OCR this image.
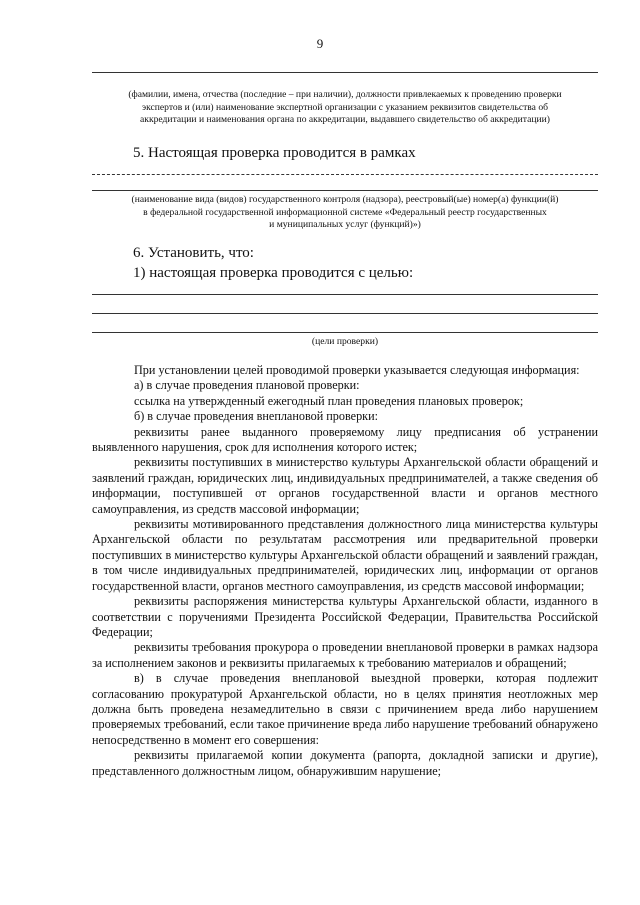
9
(фамилии, имена, отчества (последние – при наличии), должности привлекаемых к проведению проверки
экспертов и (или) наименование экспертной организации с указанием реквизитов свидетельства об
аккредитации и наименования органа по аккредитации, выдавшего свидетельство об аккредитации)
5. Настоящая проверка проводится в рамках
(наименование вида (видов) государственного контроля (надзора), реестровый(ые) номер(а) функции(й)
в федеральной государственной информационной системе «Федеральный реестр государственных
и муниципальных услуг (функций)»)
6. Установить, что:
1) настоящая проверка проводится с целью:
(цели проверки)

При установлении целей проводимой проверки указывается следующая информация:

а) в случае проведения плановой проверки:

ссылка на утвержденный ежегодный план проведения плановых проверок;

б) в случае проведения внеплановой проверки:

реквизиты ранее выданного проверяемому лицу предписания об устранении выявленного нарушения, срок для исполнения которого истек;

реквизиты поступивших в министерство культуры Архангельской области обращений и заявлений граждан, юридических лиц, индивидуальных предпринимателей, а также сведения об информации, поступившей от органов государственной власти и органов местного самоуправления, из средств массовой информации;

реквизиты мотивированного представления должностного лица министерства культуры Архангельской области по результатам рассмотрения или предварительной проверки поступивших в министерство культуры Архангельской области обращений и заявлений граждан, в том числе индивидуальных предпринимателей, юридических лиц, информации от органов государственной власти, органов местного самоуправления, из средств массовой информации;

реквизиты распоряжения министерства культуры Архангельской области, изданного в соответствии с поручениями Президента Российской Федерации, Правительства Российской Федерации;

реквизиты требования прокурора о проведении внеплановой проверки в рамках надзора за исполнением законов и реквизиты прилагаемых к требованию материалов и обращений;

в) в случае проведения внеплановой выездной проверки, которая подлежит согласованию прокуратурой Архангельской области, но в целях принятия неотложных мер должна быть проведена незамедлительно в связи с причинением вреда либо нарушением проверяемых требований, если такое причинение вреда либо нарушение требований обнаружено непосредственно в момент его совершения:

реквизиты прилагаемой копии документа (рапорта, докладной записки и другие), представленного должностным лицом, обнаружившим нарушение;
